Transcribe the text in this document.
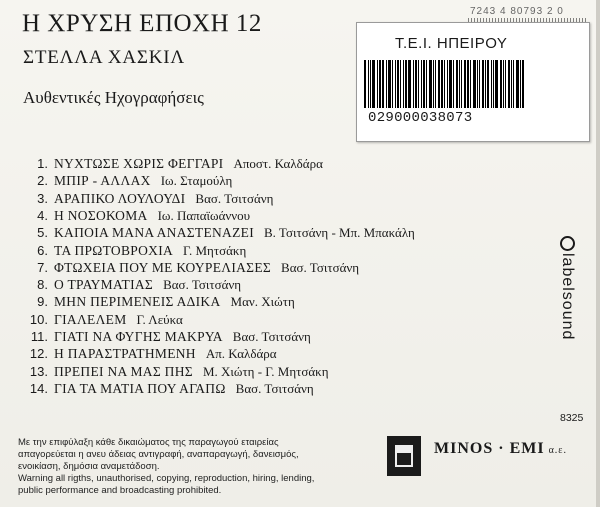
Η ΧΡΥΣΗ ΕΠΟΧΗ 12
ΣΤΕΛΛΑ ΧΑΣΚΙΛ
Αυθεντικές Ηχογραφήσεις
7243 4 80793 2 0
Τ.Ε.Ι. ΗΠΕΙΡΟΥ
029000038073
1. ΝΥΧΤΩΣΕ ΧΩΡΙΣ ΦΕΓΓΑΡΙ Αποστ. Καλδάρα
2. ΜΠΙΡ - ΑΛΛΑΧ Ιω. Σταμούλη
3. ΑΡΑΠΙΚΟ ΛΟΥΛΟΥΔΙ Βασ. Τσιτσάνη
4. Η ΝΟΣΟΚΟΜΑ Ιω. Παπαϊωάννου
5. ΚΑΠΟΙΑ ΜΑΝΑ ΑΝΑΣΤΕΝΑΖΕΙ Β. Τσιτσάνη - Μπ. Μπακάλη
6. ΤΑ ΠΡΩΤΟΒΡΟΧΙΑ Γ. Μητσάκη
7. ΦΤΩΧΕΙΑ ΠΟΥ ΜΕ ΚΟΥΡΕΛΙΑΣΕΣ Βασ. Τσιτσάνη
8. Ο ΤΡΑΥΜΑΤΙΑΣ Βασ. Τσιτσάνη
9. ΜΗΝ ΠΕΡΙΜΕΝΕΙΣ ΑΔΙΚΑ Μαν. Χιώτη
10. ΓΙΑΛΕΛΕΜ Γ. Λεύκα
11. ΓΙΑΤΙ ΝΑ ΦΥΓΗΣ ΜΑΚΡΥΑ Βασ. Τσιτσάνη
12. Η ΠΑΡΑΣΤΡΑΤΗΜΕΝΗ Απ. Καλδάρα
13. ΠΡΕΠΕΙ ΝΑ ΜΑΣ ΠΗΣ Μ. Χιώτη - Γ. Μητσάκη
14. ΓΙΑ ΤΑ ΜΑΤΙΑ ΠΟΥ ΑΓΑΠΩ Βασ. Τσιτσάνη
labelsound
8325

Με την επιφύλαξη κάθε δικαιώματος της παραγωγού εταιρείας απαγορεύεται η ανευ άδειας αντιγραφή, αναπαραγωγή, δανεισμός, ενοικίαση, δημόσια αναμετάδοση.

Warning all rigths, unauthorised, copying, reproduction, hiring, lending, public performance and broadcasting prohibited.

MINOS · EMI α.ε.
